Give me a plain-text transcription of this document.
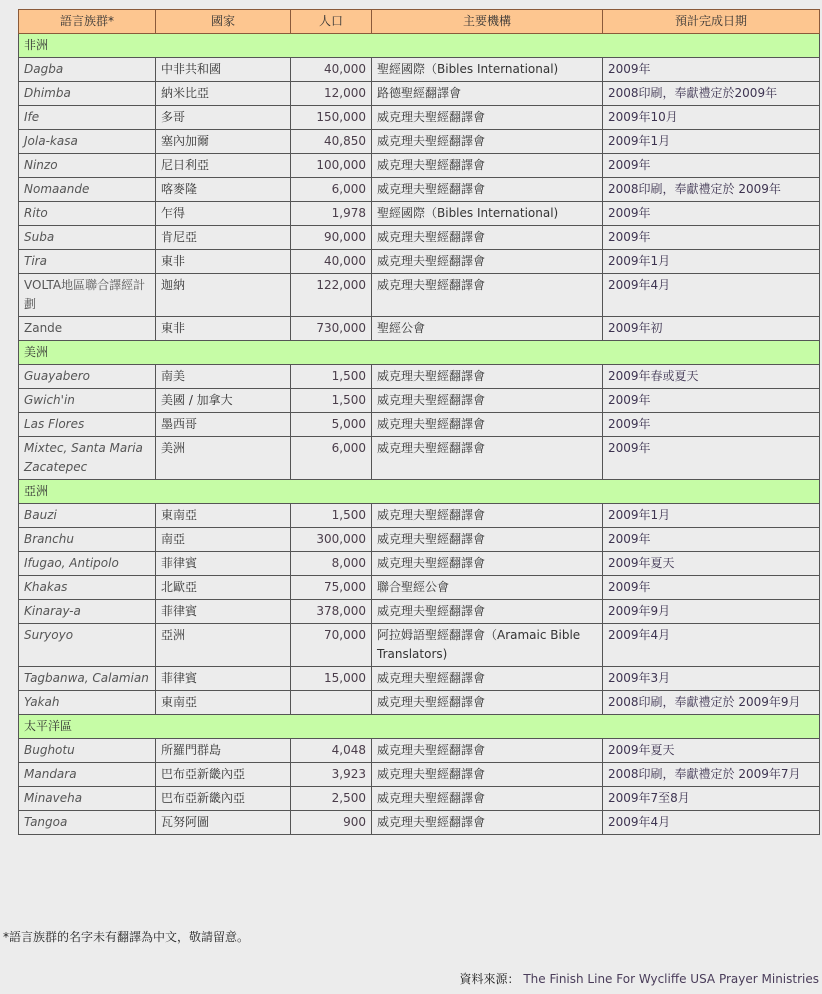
語言族群*	國家	人口	主要機構	預計完成日期
非洲				
Dagba	中非共和國	40,000	聖經國際（Bibles International)	2009年
Dhimba	納米比亞	12,000	路德聖經翻譯會	2008印刷，奉獻禮定於2009年
Ife	多哥	150,000	威克理夫聖經翻譯會	2009年10月
Jola-kasa	塞內加爾	40,850	威克理夫聖經翻譯會	2009年1月
Ninzo	尼日利亞	100,000	威克理夫聖經翻譯會	2009年
Nomaande	喀麥隆	6,000	威克理夫聖經翻譯會	2008印刷，奉獻禮定於 2009年
Rito	乍得	1,978	聖經國際（Bibles International)	2009年
Suba	肯尼亞	90,000	威克理夫聖經翻譯會	2009年
Tira	東非	40,000	威克理夫聖經翻譯會	2009年1月
VOLTA地區聯合譯經計劃	迦納	122,000	威克理夫聖經翻譯會	2009年4月
Zande	東非	730,000	聖經公會	2009年初
美洲				
Guayabero	南美	1,500	威克理夫聖經翻譯會	2009年春或夏天
Gwich'in	美國 / 加拿大	1,500	威克理夫聖經翻譯會	2009年
Las Flores	墨西哥	5,000	威克理夫聖經翻譯會	2009年
Mixtec, Santa Maria Zacatepec	美洲	6,000	威克理夫聖經翻譯會	2009年
亞洲				
Bauzi	東南亞	1,500	威克理夫聖經翻譯會	2009年1月
Branchu	南亞	300,000	威克理夫聖經翻譯會	2009年
Ifugao, Antipolo	菲律賓	8,000	威克理夫聖經翻譯會	2009年夏天
Khakas	北歐亞	75,000	聯合聖經公會	2009年
Kinaray-a	菲律賓	378,000	威克理夫聖經翻譯會	2009年9月
Suryoyo	亞洲	70,000	阿拉姆語聖經翻譯會（Aramaic Bible Translators)	2009年4月
Tagbanwa, Calamian	菲律賓	15,000	威克理夫聖經翻譯會	2009年3月
Yakah	東南亞		威克理夫聖經翻譯會	2008印刷，奉獻禮定於 2009年9月
太平洋區				
Bughotu	所羅門群島	4,048	威克理夫聖經翻譯會	2009年夏天
Mandara	巴布亞新畿內亞	3,923	威克理夫聖經翻譯會	2008印刷，奉獻禮定於 2009年7月
Minaveha	巴布亞新畿內亞	2,500	威克理夫聖經翻譯會	2009年7至8月
Tangoa	瓦努阿圖	900	威克理夫聖經翻譯會	2009年4月
*語言族群的名字未有翻譯為中文，敬請留意。
資料來源： The Finish Line For Wycliffe USA Prayer Ministries
